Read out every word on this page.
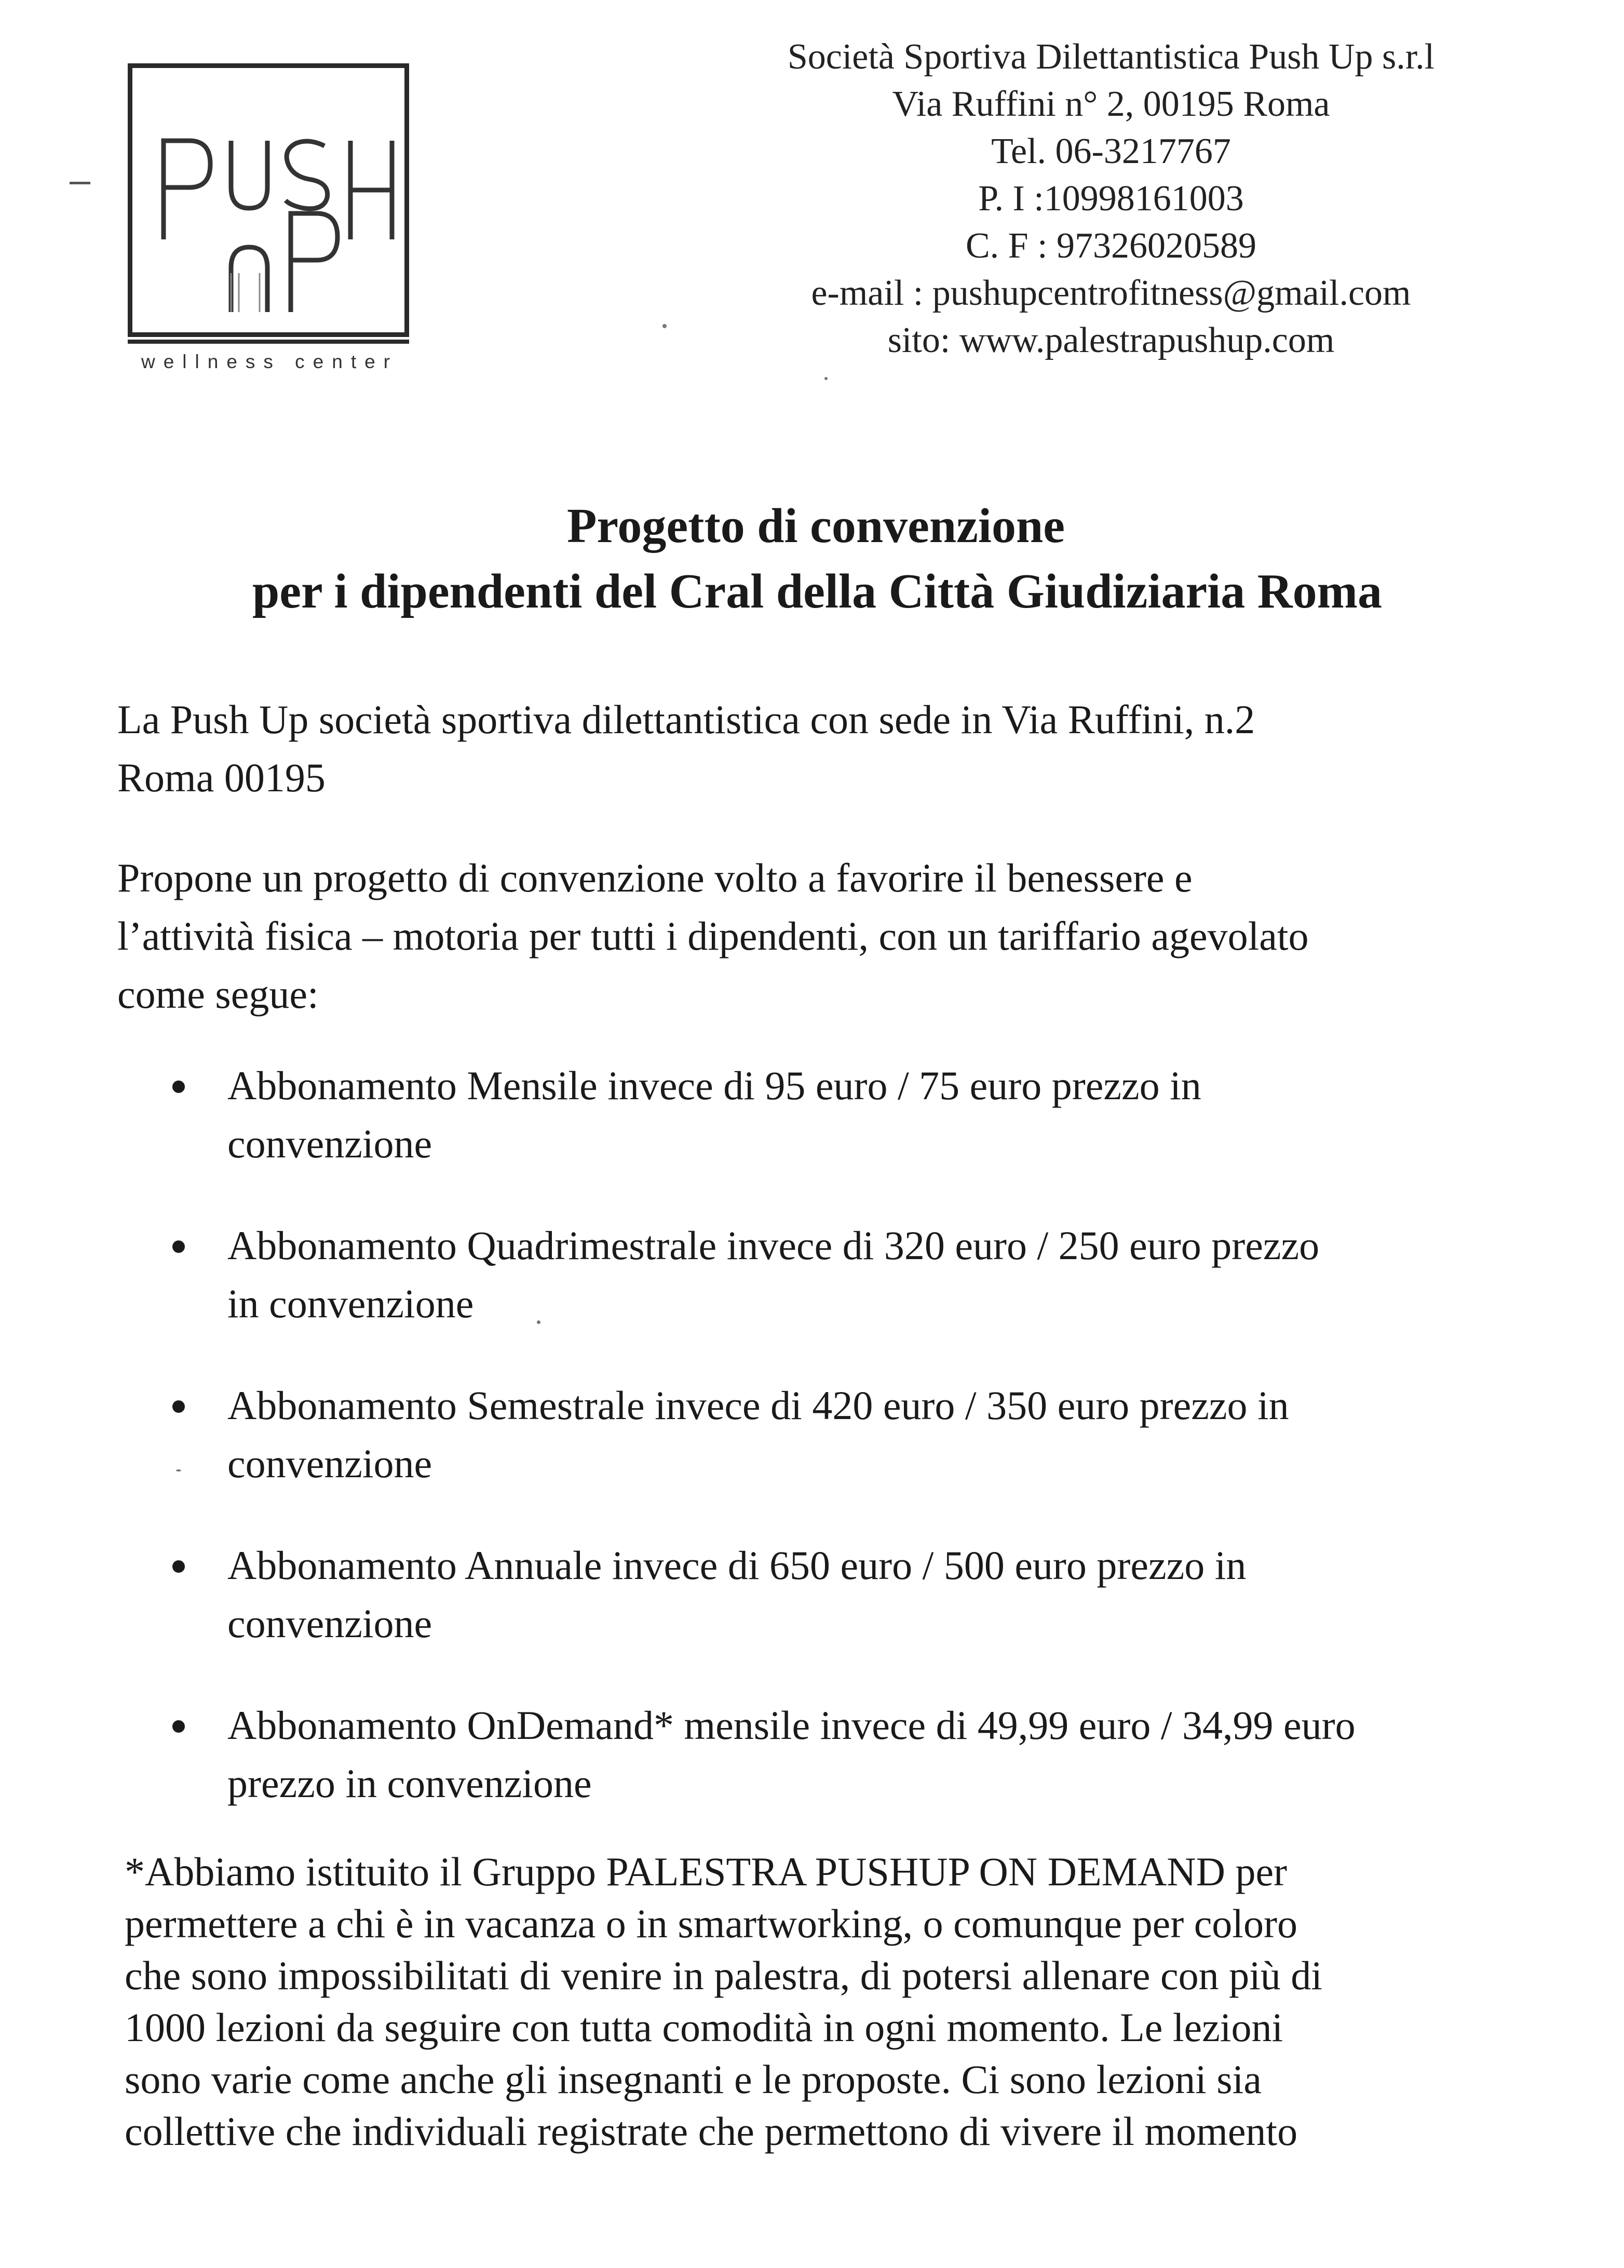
wellness center
Società Sportiva Dilettantistica Push Up s.r.l
Via Ruffini n° 2, 00195 Roma
Tel. 06-3217767
P. I :10998161003
C. F : 97326020589
e-mail : pushupcentrofitness@gmail.com
sito: www.palestrapushup.com
Progetto di convenzione
per i dipendenti del Cral della Città Giudiziaria Roma
La Push Up società sportiva dilettantistica con sede in Via Ruffini, n.2
Roma 00195
Propone un progetto di convenzione volto a favorire il benessere e
l’attività fisica – motoria per tutti i dipendenti, con un tariffario agevolato
come segue:
Abbonamento Mensile invece di 95 euro / 75 euro prezzo in
convenzione
Abbonamento Quadrimestrale invece di 320 euro / 250 euro prezzo
in convenzione
Abbonamento Semestrale invece di 420 euro / 350 euro prezzo in
convenzione
Abbonamento Annuale invece di 650 euro / 500 euro prezzo in
convenzione
Abbonamento OnDemand* mensile invece di 49,99 euro / 34,99 euro
prezzo in convenzione
*Abbiamo istituito il Gruppo PALESTRA PUSHUP ON DEMAND per
permettere a chi è in vacanza o in smartworking, o comunque per coloro
che sono impossibilitati di venire in palestra, di potersi allenare con più di
1000 lezioni da seguire con tutta comodità in ogni momento. Le lezioni
sono varie come anche gli insegnanti e le proposte. Ci sono lezioni sia
collettive che individuali registrate che permettono di vivere il momento
